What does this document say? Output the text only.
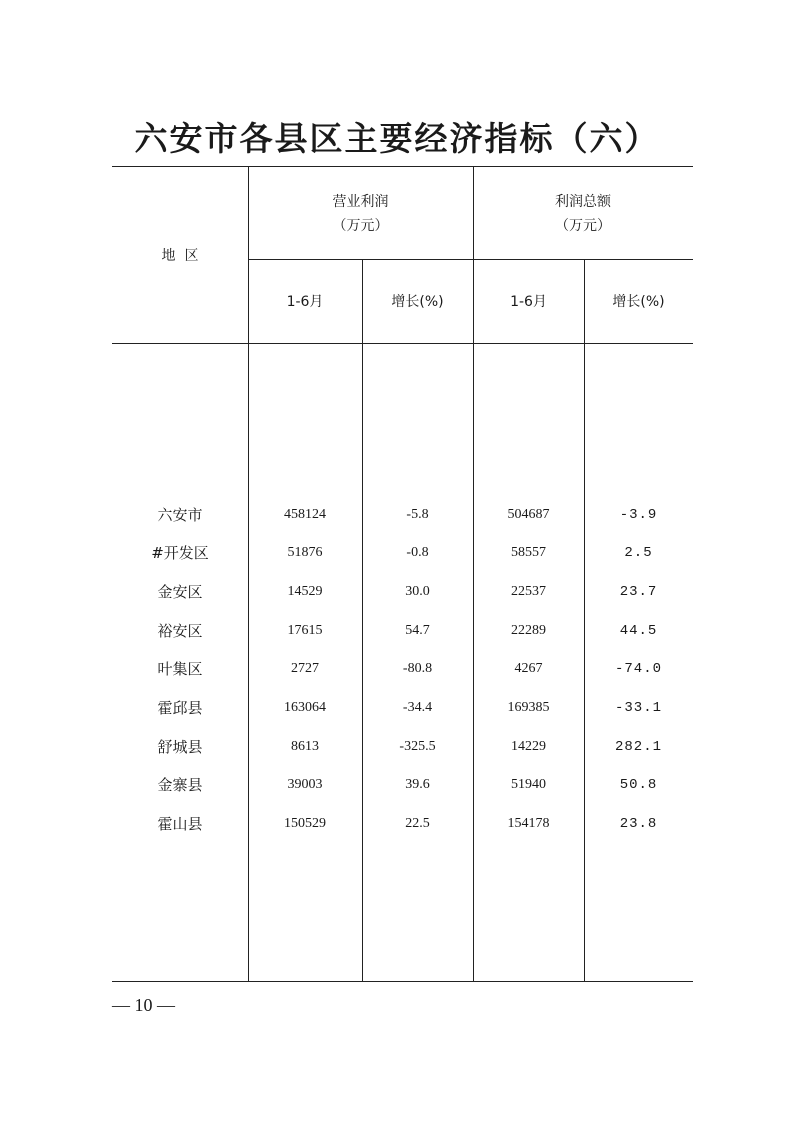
六安市各县区主要经济指标（六）
地  区
营业利润
（万元）
利润总额
（万元）
1-6月	增长(%)	1-6月	增长(%)
六安市	458124	-5.8	504687	-3.9
#开发区	51876	-0.8	58557	2.5
金安区	14529	30.0	22537	23.7
裕安区	17615	54.7	22289	44.5
叶集区	2727	-80.8	4267	-74.0
霍邱县	163064	-34.4	169385	-33.1
舒城县	8613	-325.5	14229	282.1
金寨县	39003	39.6	51940	50.8
霍山县	150529	22.5	154178	23.8
— 10 —
